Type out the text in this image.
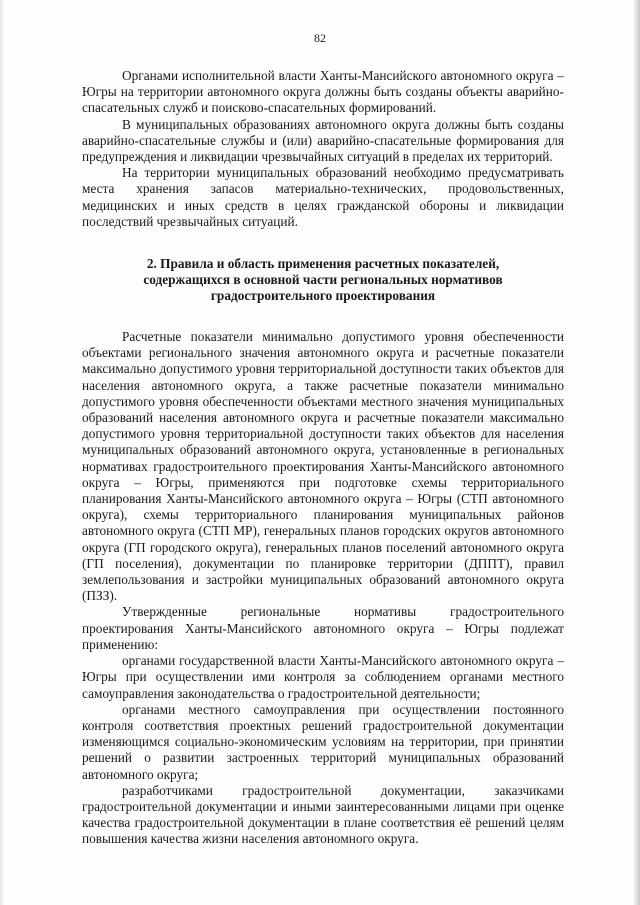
82

Органами исполнительной власти Ханты-Мансийского автономного округа – Югры на территории автономного округа должны быть созданы объекты аварийно-спасательных служб и поисково-спасательных формирований.

В муниципальных образованиях автономного округа должны быть созданы аварийно-спасательные службы и (или) аварийно-спасательные формирования для предупреждения и ликвидации чрезвычайных ситуаций в пределах их территорий.

На территории муниципальных образований необходимо предусматривать места хранения запасов материально-технических, продовольственных, медицинских и иных средств в целях гражданской обороны и ликвидации последствий чрезвычайных ситуаций.

2. Правила и область применения расчетных показателей,
содержащихся в основной части региональных нормативов
градостроительного проектирования

Расчетные показатели минимально допустимого уровня обеспеченности объектами регионального значения автономного округа и расчетные показатели максимально допустимого уровня территориальной доступности таких объектов для населения автономного округа, а также расчетные показатели минимально допустимого уровня обеспеченности объектами местного значения муниципальных образований населения автономного округа и расчетные показатели максимально допустимого уровня территориальной доступности таких объектов для населения муниципальных образований автономного округа, установленные в региональных нормативах градостроительного проектирования Ханты-Мансийского автономного округа – Югры, применяются при подготовке схемы территориального планирования Ханты-Мансийского автономного округа – Югры (СТП автономного округа), схемы территориального планирования муниципальных районов автономного округа (СТП МР), генеральных планов городских округов автономного округа (ГП городского округа), генеральных планов поселений автономного округа (ГП поселения), документации по планировке территории (ДППТ), правил землепользования и застройки муниципальных образований автономного округа (ПЗЗ).

Утвержденные региональные нормативы градостроительного проектирования Ханты-Мансийского автономного округа – Югры подлежат применению:

органами государственной власти Ханты-Мансийского автономного округа – Югры при осуществлении ими контроля за соблюдением органами местного самоуправления законодательства о градостроительной деятельности;

органами местного самоуправления при осуществлении постоянного контроля соответствия проектных решений градостроительной документации изменяющимся социально-экономическим условиям на территории, при принятии решений о развитии застроенных территорий муниципальных образований автономного округа;

разработчиками градостроительной документации, заказчиками градостроительной документации и иными заинтересованными лицами при оценке качества градостроительной документации в плане соответствия её решений целям повышения качества жизни населения автономного округа.
